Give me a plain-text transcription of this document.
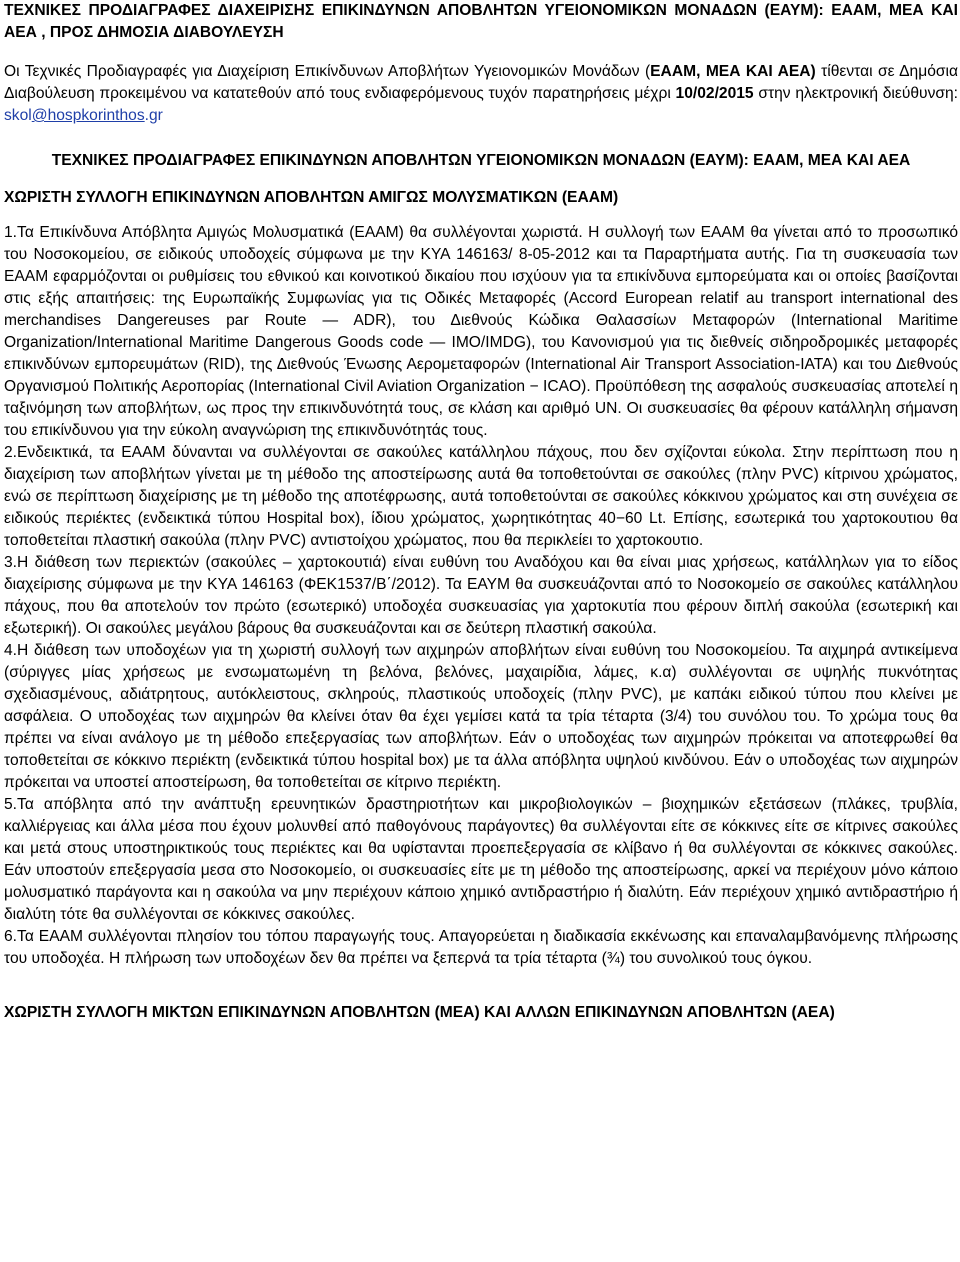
ΤΕΧΝΙΚΕΣ ΠΡΟΔΙΑΓΡΑΦΕΣ ΔΙΑΧΕΙΡΙΣΗΣ ΕΠΙΚΙΝΔΥΝΩΝ ΑΠΟΒΛΗΤΩΝ ΥΓΕΙΟΝΟΜΙΚΩΝ ΜΟΝΑΔΩΝ (ΕΑΥΜ): ΕΑΑΜ, ΜΕΑ ΚΑΙ ΑΕΑ , ΠΡΟΣ ΔΗΜΟΣΙΑ ΔΙΑΒΟΥΛΕΥΣΗ

Οι Τεχνικές Προδιαγραφές για Διαχείριση Επικίνδυνων Αποβλήτων Υγειονομικών Μονάδων (ΕΑΑΜ, ΜΕΑ ΚΑΙ ΑΕΑ) τίθενται σε Δημόσια Διαβούλευση προκειμένου να κατατεθούν από τους ενδιαφερόμενους τυχόν παρατηρήσεις μέχρι 10/02/2015 στην ηλεκτρονική διεύθυνση: skol@hospkorinthos.gr

ΤΕΧΝΙΚΕΣ ΠΡΟΔΙΑΓΡΑΦΕΣ ΕΠΙΚΙΝΔΥΝΩΝ ΑΠΟΒΛΗΤΩΝ ΥΓΕΙΟΝΟΜΙΚΩΝ ΜΟΝΑΔΩΝ (ΕΑΥΜ): ΕΑΑΜ, ΜΕΑ ΚΑΙ ΑΕΑ

ΧΩΡΙΣΤΗ ΣΥΛΛΟΓΗ ΕΠΙΚΙΝΔΥΝΩΝ ΑΠΟΒΛΗΤΩΝ ΑΜΙΓΩΣ ΜΟΛΥΣΜΑΤΙΚΩΝ (ΕΑΑΜ)

1.Τα Επικίνδυνα Απόβλητα Αμιγώς Μολυσματικά (ΕΑΑΜ) θα συλλέγονται χωριστά. Η συλλογή των ΕΑΑΜ θα γίνεται από το προσωπικό του Νοσοκομείου, σε ειδικούς υποδοχείς σύμφωνα με την ΚΥΑ 146163/ 8-05-2012 και τα Παραρτήματα αυτής. Για τη συσκευασία των ΕΑΑΜ εφαρμόζονται οι ρυθμίσεις του εθνικού και κοινοτικού δικαίου που ισχύουν για τα επικίνδυνα εμπορεύματα και οι οποίες βασίζονται στις εξής απαιτήσεις: της Ευρωπαϊκής Συμφωνίας για τις Οδικές Μεταφορές (Accord European relatif au transport international des merchandises Dangereuses par Route — ADR), του Διεθνούς Κώδικα Θαλασσίων Μεταφορών (International Maritime Organization/International Maritime Dangerous Goods code — IMO/IMDG), του Κανονισμού για τις διεθνείς σιδηροδρομικές μεταφορές επικινδύνων εμπορευμάτων (RID), της Διεθνούς Ένωσης Αερομεταφορών (International Air Transport Association-IATA) και του Διεθνούς Οργανισμού Πολιτικής Αεροπορίας (International Civil Aviation Organization − ICAO). Προϋπόθεση της ασφαλούς συσκευασίας αποτελεί η ταξινόμηση των αποβλήτων, ως προς την επικινδυνότητά τους, σε κλάση και αριθμό UN. Οι συσκευασίες θα φέρουν κατάλληλη σήμανση του επικίνδυνου για την εύκολη αναγνώριση της επικινδυνότητάς τους.

2.Ενδεικτικά, τα ΕΑΑΜ δύνανται να συλλέγονται σε σακούλες κατάλληλου πάχους, που δεν σχίζονται εύκολα. Στην περίπτωση που η διαχείριση των αποβλήτων γίνεται με τη μέθοδο της αποστείρωσης αυτά θα τοποθετούνται σε σακούλες (πλην PVC) κίτρινου χρώματος, ενώ σε περίπτωση διαχείρισης με τη μέθοδο της αποτέφρωσης, αυτά τοποθετούνται σε σακούλες κόκκινου χρώματος και στη συνέχεια σε ειδικούς περιέκτες (ενδεικτικά τύπου Hospital box), ίδιου χρώματος, χωρητικότητας 40−60 Lt. Επίσης, εσωτερικά του χαρτοκουτιου θα τοποθετείται πλαστική σακούλα (πλην PVC) αντιστοίχου χρώματος, που θα περικλείει το χαρτοκουτιο.

3.Η διάθεση των περιεκτών (σακούλες – χαρτοκουτιά) είναι ευθύνη του Αναδόχου και θα είναι μιας χρήσεως, κατάλληλων για το είδος διαχείρισης σύμφωνα με την ΚΥΑ 146163 (ΦΕΚ1537/Β΄/2012). Τα ΕΑΥΜ θα συσκευάζονται από το Νοσοκομείο σε σακούλες κατάλληλου πάχους, που θα αποτελούν τον πρώτο (εσωτερικό) υποδοχέα συσκευασίας για χαρτοκυτία που φέρουν διπλή σακούλα (εσωτερική και εξωτερική). Οι σακούλες μεγάλου βάρους θα συσκευάζονται και σε δεύτερη πλαστική σακούλα.

4.Η διάθεση των υποδοχέων για τη χωριστή συλλογή των αιχμηρών αποβλήτων είναι ευθύνη του Νοσοκομείου. Τα αιχμηρά αντικείμενα (σύριγγες μίας χρήσεως με ενσωματωμένη τη βελόνα, βελόνες, μαχαιρίδια, λάμες, κ.α) συλλέγονται σε υψηλής πυκνότητας σχεδιασμένους, αδιάτρητους, αυτόκλειστους, σκληρούς, πλαστικούς υποδοχείς (πλην PVC), με καπάκι ειδικού τύπου που κλείνει με ασφάλεια. Ο υποδοχέας των αιχμηρών θα κλείνει όταν θα έχει γεμίσει κατά τα τρία τέταρτα (3/4) του συνόλου του. Το χρώμα τους θα πρέπει να είναι ανάλογο με τη μέθοδο επεξεργασίας των αποβλήτων. Εάν ο υποδοχέας των αιχμηρών πρόκειται να αποτεφρωθεί θα τοποθετείται σε κόκκινο περιέκτη (ενδεικτικά τύπου hospital box) με τα άλλα απόβλητα υψηλού κινδύνου. Εάν ο υποδοχέας των αιχμηρών πρόκειται να υποστεί αποστείρωση, θα τοποθετείται σε κίτρινο περιέκτη.

5.Τα απόβλητα από την ανάπτυξη ερευνητικών δραστηριοτήτων και μικροβιολογικών – βιοχημικών εξετάσεων (πλάκες, τρυβλία, καλλιέργειας και άλλα μέσα που έχουν μολυνθεί από παθογόνους παράγοντες) θα συλλέγονται είτε σε κόκκινες είτε σε κίτρινες σακούλες και μετά στους υποστηρικτικούς τους περιέκτες και θα υφίστανται προεπεξεργασία σε κλίβανο ή θα συλλέγονται σε κόκκινες σακούλες. Εάν υποστούν επεξεργασία μεσα στο Νοσοκομείο, οι συσκευασίες είτε με τη μέθοδο της αποστείρωσης, αρκεί να περιέχουν μόνο κάποιο μολυσματικό παράγοντα και η σακούλα να μην περιέχουν κάποιο χημικό αντιδραστήριο ή διαλύτη. Εάν περιέχουν χημικό αντιδραστήριο ή διαλύτη τότε θα συλλέγονται σε κόκκινες σακούλες.

6.Τα ΕΑΑΜ συλλέγονται πλησίον του τόπου παραγωγής τους. Απαγορεύεται η διαδικασία εκκένωσης και επαναλαμβανόμενης πλήρωσης του υποδοχέα. Η πλήρωση των υποδοχέων δεν θα πρέπει να ξεπερνά τα τρία τέταρτα (¾) του συνολικού τους όγκου.

ΧΩΡΙΣΤΗ ΣΥΛΛΟΓΗ ΜΙΚΤΩΝ ΕΠΙΚΙΝΔΥΝΩΝ ΑΠΟΒΛΗΤΩΝ (ΜΕΑ) ΚΑΙ ΑΛΛΩΝ ΕΠΙΚΙΝΔΥΝΩΝ ΑΠΟΒΛΗΤΩΝ (ΑΕΑ)
